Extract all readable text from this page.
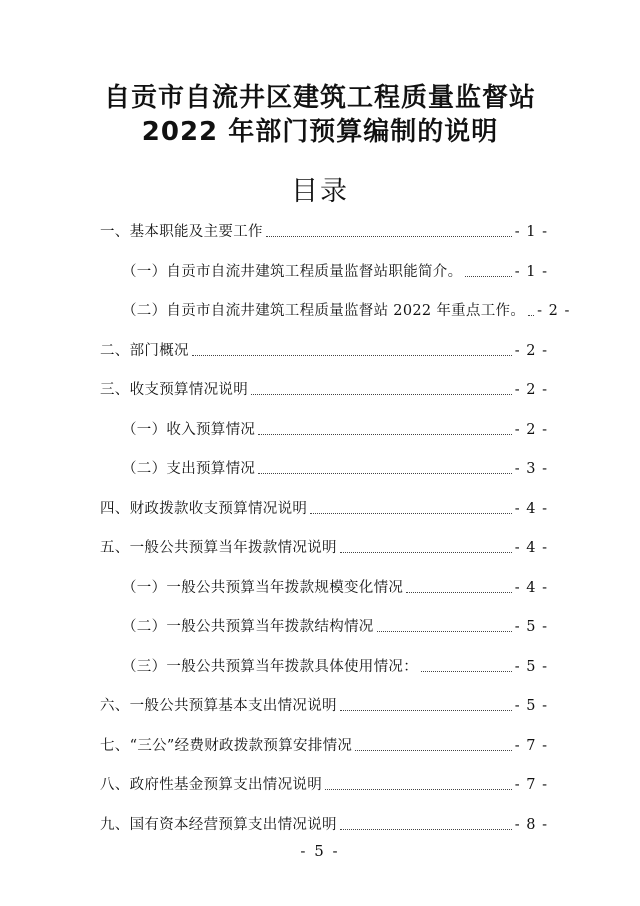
自贡市自流井区建筑工程质量监督站
2022 年部门预算编制的说明
目录
一、基本职能及主要工作	- 1 -
（一）自贡市自流井建筑工程质量监督站职能简介。	- 1 -
（二）自贡市自流井建筑工程质量监督站 2022 年重点工作。 - 2 -
二、部门概况	- 2 -
三、收支预算情况说明	- 2 -
（一）收入预算情况	- 2 -
（二）支出预算情况	- 3 -
四、财政拨款收支预算情况说明	- 4 -
五、一般公共预算当年拨款情况说明	- 4 -
（一）一般公共预算当年拨款规模变化情况	- 4 -
（二）一般公共预算当年拨款结构情况	- 5 -
（三）一般公共预算当年拨款具体使用情况：	- 5 -
六、一般公共预算基本支出情况说明	- 5 -
七、“三公”经费财政拨款预算安排情况	- 7 -
八、政府性基金预算支出情况说明	- 7 -
九、国有资本经营预算支出情况说明	- 8 -
- 5 -
